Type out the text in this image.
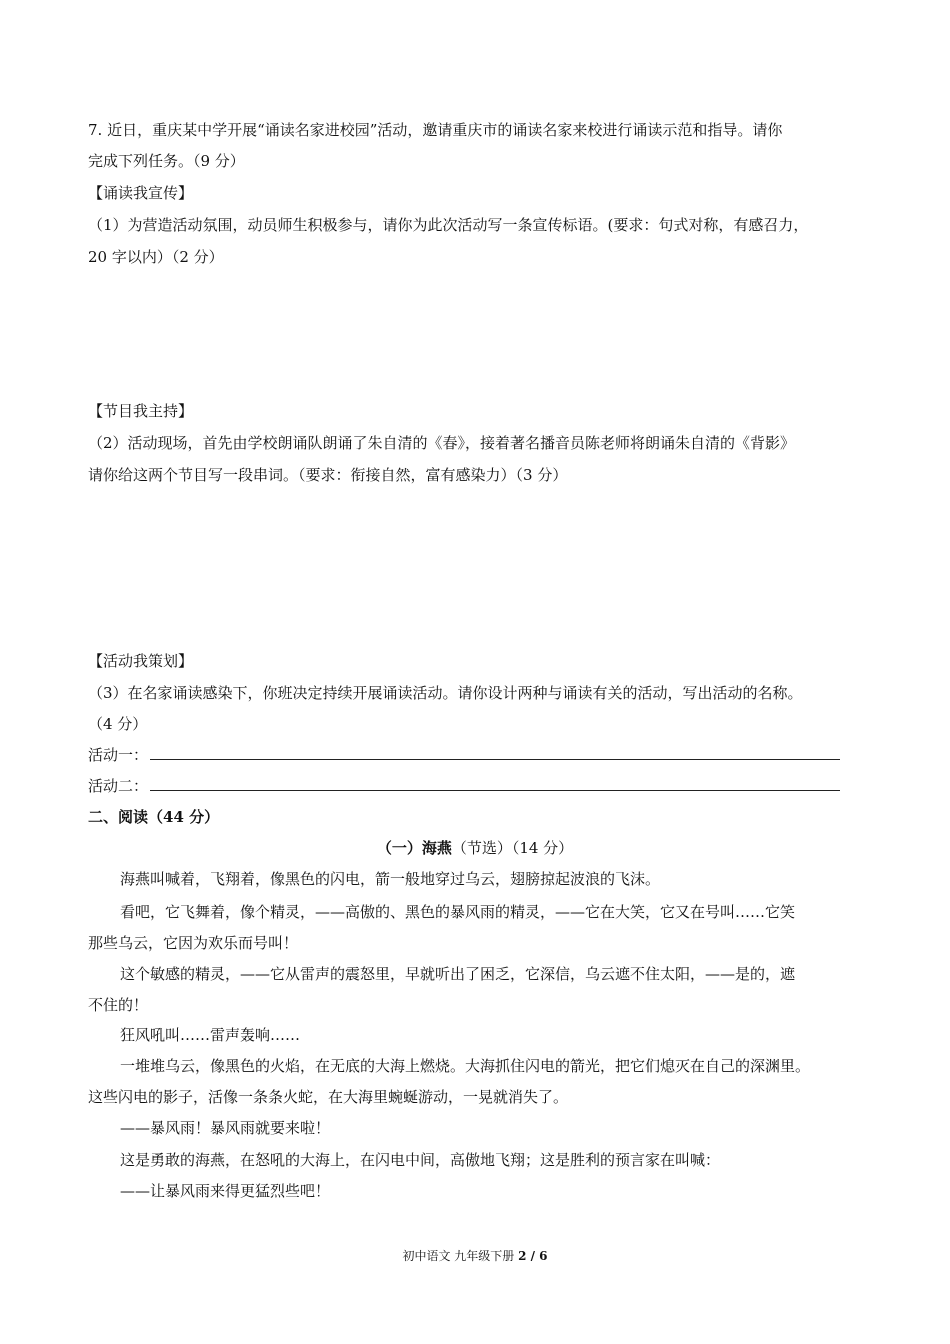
7. 近日，重庆某中学开展“诵读名家进校园”活动，邀请重庆市的诵读名家来校进行诵读示范和指导。请你
完成下列任务。（9 分）
【诵读我宣传】
（1）为营造活动氛围，动员师生积极参与，请你为此次活动写一条宣传标语。(要求：句式对称，有感召力，
20 字以内）（2 分）
【节目我主持】
（2）活动现场，首先由学校朗诵队朗诵了朱自清的《春》，接着著名播音员陈老师将朗诵朱自清的《背影》
请你给这两个节目写一段串词。（要求：衔接自然，富有感染力）（3 分）
【活动我策划】
（3）在名家诵读感染下，你班决定持续开展诵读活动。请你设计两种与诵读有关的活动，写出活动的名称。
（4 分）
活动一：
活动二：
二、阅读（44 分）
（一）海燕（节选）（14 分）
海燕叫喊着，飞翔着，像黑色的闪电，箭一般地穿过乌云，翅膀掠起波浪的飞沫。
看吧，它飞舞着，像个精灵，——高傲的、黑色的暴风雨的精灵，——它在大笑，它又在号叫……它笑
那些乌云，它因为欢乐而号叫！
这个敏感的精灵，——它从雷声的震怒里，早就听出了困乏，它深信，乌云遮不住太阳，——是的，遮
不住的！
狂风吼叫……雷声轰响……
一堆堆乌云，像黑色的火焰，在无底的大海上燃烧。大海抓住闪电的箭光，把它们熄灭在自己的深渊里。
这些闪电的影子，活像一条条火蛇，在大海里蜿蜒游动，一晃就消失了。
——暴风雨！暴风雨就要来啦！
这是勇敢的海燕，在怒吼的大海上，在闪电中间，高傲地飞翔；这是胜利的预言家在叫喊：
——让暴风雨来得更猛烈些吧！
初中语文 九年级下册 2 / 6
